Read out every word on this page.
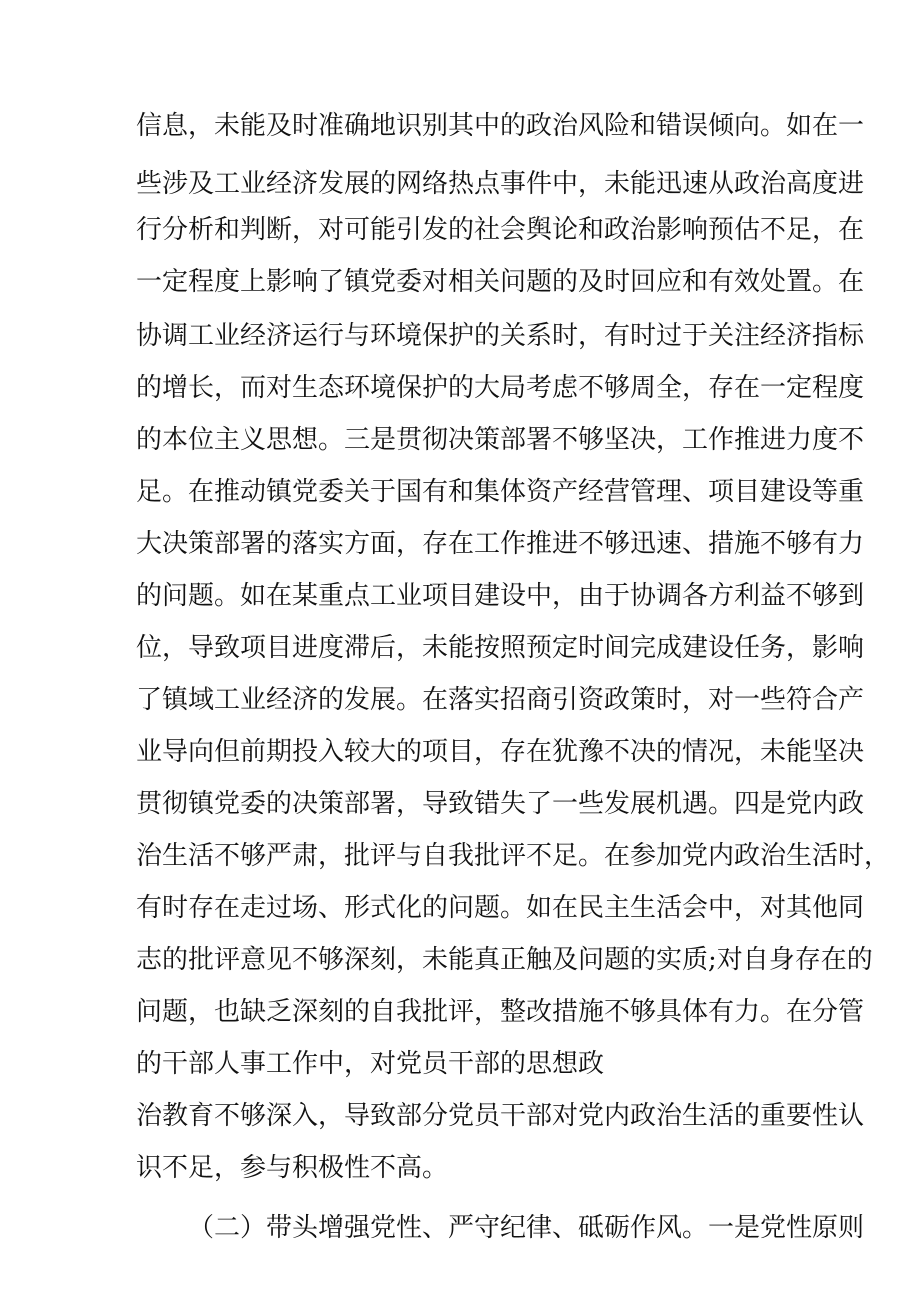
信息，未能及时准确地识别其中的政治风险和错误倾向。如在一
些涉及工业经济发展的网络热点事件中，未能迅速从政治高度进
行分析和判断，对可能引发的社会舆论和政治影响预估不足，在
一定程度上影响了镇党委对相关问题的及时回应和有效处置。在
协调工业经济运行与环境保护的关系时，有时过于关注经济指标
的增长，而对生态环境保护的大局考虑不够周全，存在一定程度
的本位主义思想。三是贯彻决策部署不够坚决，工作推进力度不
足。在推动镇党委关于国有和集体资产经营管理、项目建设等重
大决策部署的落实方面，存在工作推进不够迅速、措施不够有力
的问题。如在某重点工业项目建设中，由于协调各方利益不够到
位，导致项目进度滞后，未能按照预定时间完成建设任务，影响
了镇域工业经济的发展。在落实招商引资政策时，对一些符合产
业导向但前期投入较大的项目，存在犹豫不决的情况，未能坚决
贯彻镇党委的决策部署，导致错失了一些发展机遇。四是党内政
治生活不够严肃，批评与自我批评不足。在参加党内政治生活时，
有时存在走过场、形式化的问题。如在民主生活会中，对其他同
志的批评意见不够深刻，未能真正触及问题的实质;对自身存在的
问题，也缺乏深刻的自我批评，整改措施不够具体有力。在分管
的干部人事工作中，对党员干部的思想政
治教育不够深入，导致部分党员干部对党内政治生活的重要性认
识不足，参与积极性不高。
（二）带头增强党性、严守纪律、砥砺作风。一是党性原则
